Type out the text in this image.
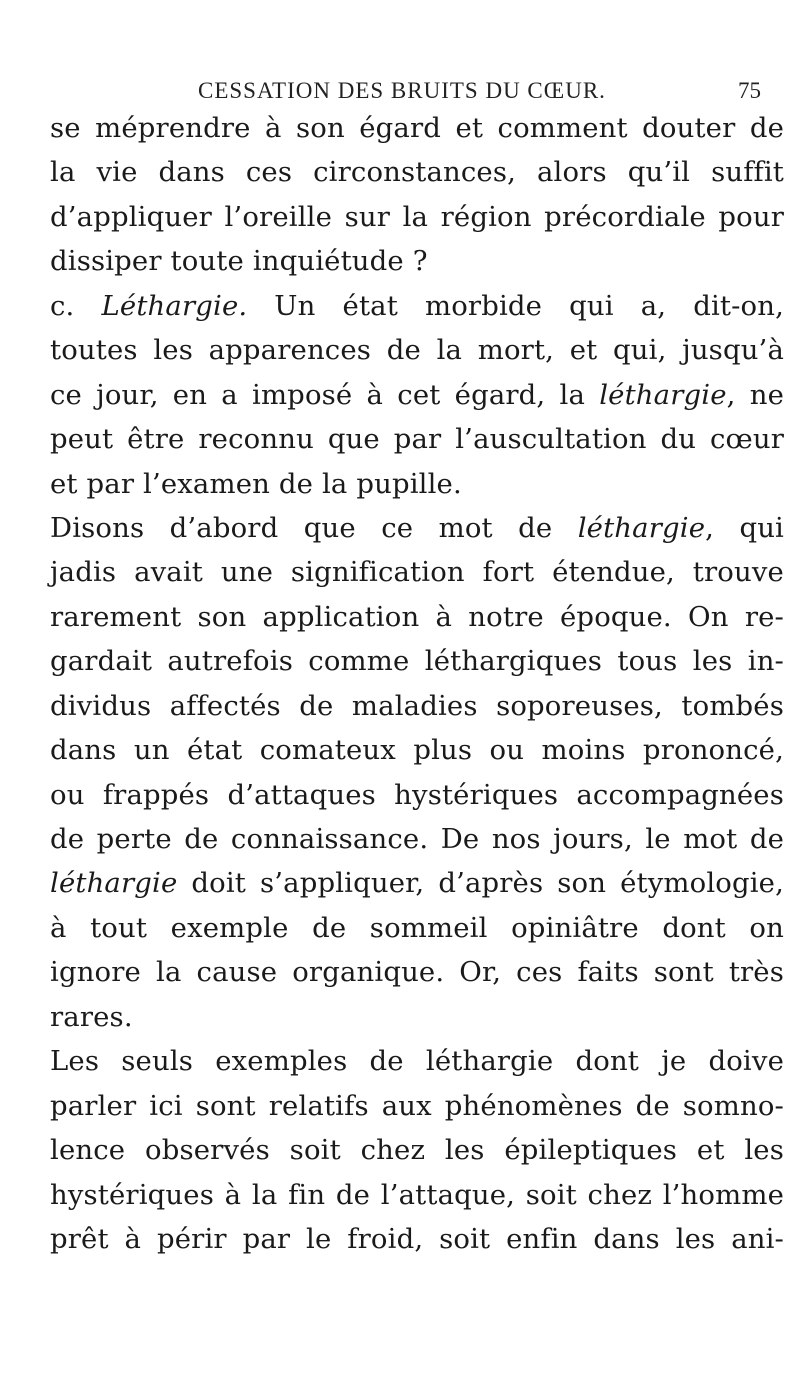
CESSATION DES BRUITS DU CŒUR.	75
se méprendre à son égard et comment douter de
la vie dans ces circonstances, alors qu’il suffit
d’appliquer l’oreille sur la région précordiale pour
dissiper toute inquiétude ?
c. Léthargie. Un état morbide qui a, dit-on,
toutes les apparences de la mort, et qui, jusqu’à
ce jour, en a imposé à cet égard, la léthargie, ne
peut être reconnu que par l’auscultation du cœur
et par l’examen de la pupille.
Disons d’abord que ce mot de léthargie, qui
jadis avait une signification fort étendue, trouve
rarement son application à notre époque. On re-
gardait autrefois comme léthargiques tous les in-
dividus affectés de maladies soporeuses, tombés
dans un état comateux plus ou moins prononcé,
ou frappés d’attaques hystériques accompagnées
de perte de connaissance. De nos jours, le mot de
léthargie doit s’appliquer, d’après son étymologie,
à tout exemple de sommeil opiniâtre dont on
ignore la cause organique. Or, ces faits sont très
rares.
Les seuls exemples de léthargie dont je doive
parler ici sont relatifs aux phénomènes de somno-
lence observés soit chez les épileptiques et les
hystériques à la fin de l’attaque, soit chez l’homme
prêt à périr par le froid, soit enfin dans les ani-
